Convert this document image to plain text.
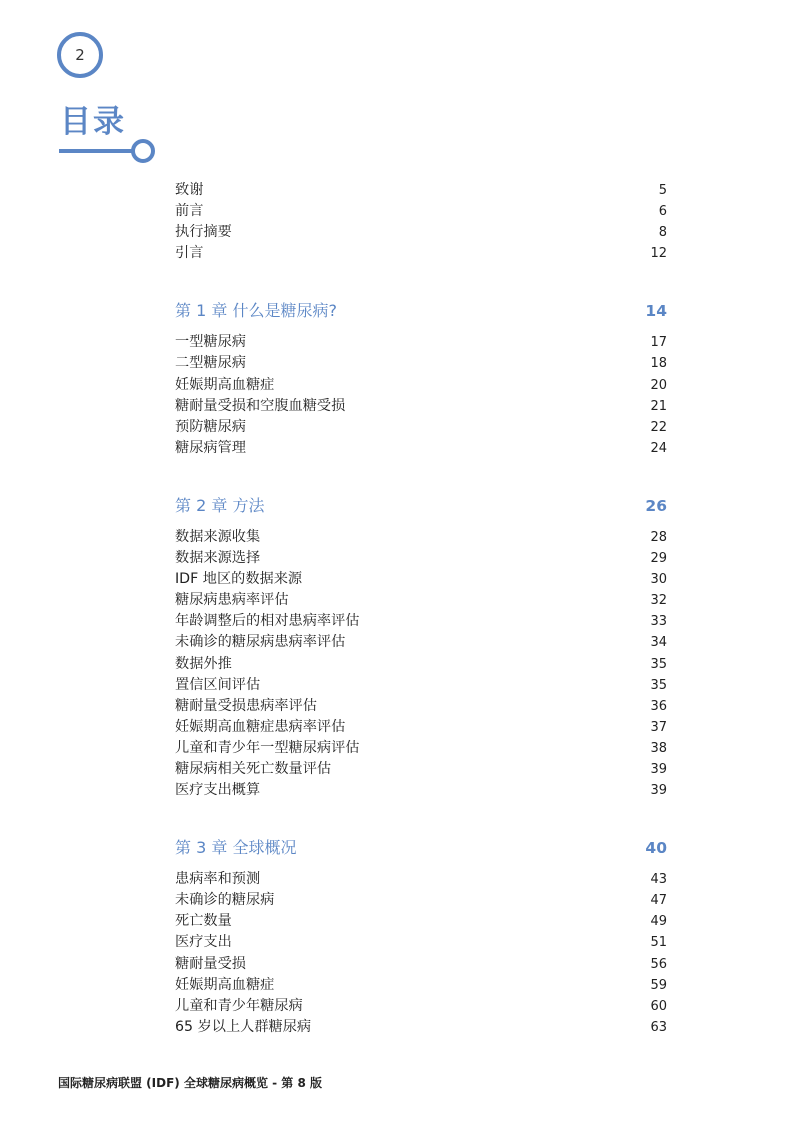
2
目录
致谢	5
前言	6
执行摘要	8
引言	12
第 1 章 什么是糖尿病?	14
一型糖尿病	17
二型糖尿病	18
妊娠期高血糖症	20
糖耐量受损和空腹血糖受损	21
预防糖尿病	22
糖尿病管理	24
第 2 章 方法	26
数据来源收集	28
数据来源选择	29
IDF 地区的数据来源	30
糖尿病患病率评估	32
年龄调整后的相对患病率评估	33
未确诊的糖尿病患病率评估	34
数据外推	35
置信区间评估	35
糖耐量受损患病率评估	36
妊娠期高血糖症患病率评估	37
儿童和青少年一型糖尿病评估	38
糖尿病相关死亡数量评估	39
医疗支出概算	39
第 3 章 全球概况	40
患病率和预测	43
未确诊的糖尿病	47
死亡数量	49
医疗支出	51
糖耐量受损	56
妊娠期高血糖症	59
儿童和青少年糖尿病	60
65 岁以上人群糖尿病	63
国际糖尿病联盟 (IDF) 全球糖尿病概览 - 第 8 版
